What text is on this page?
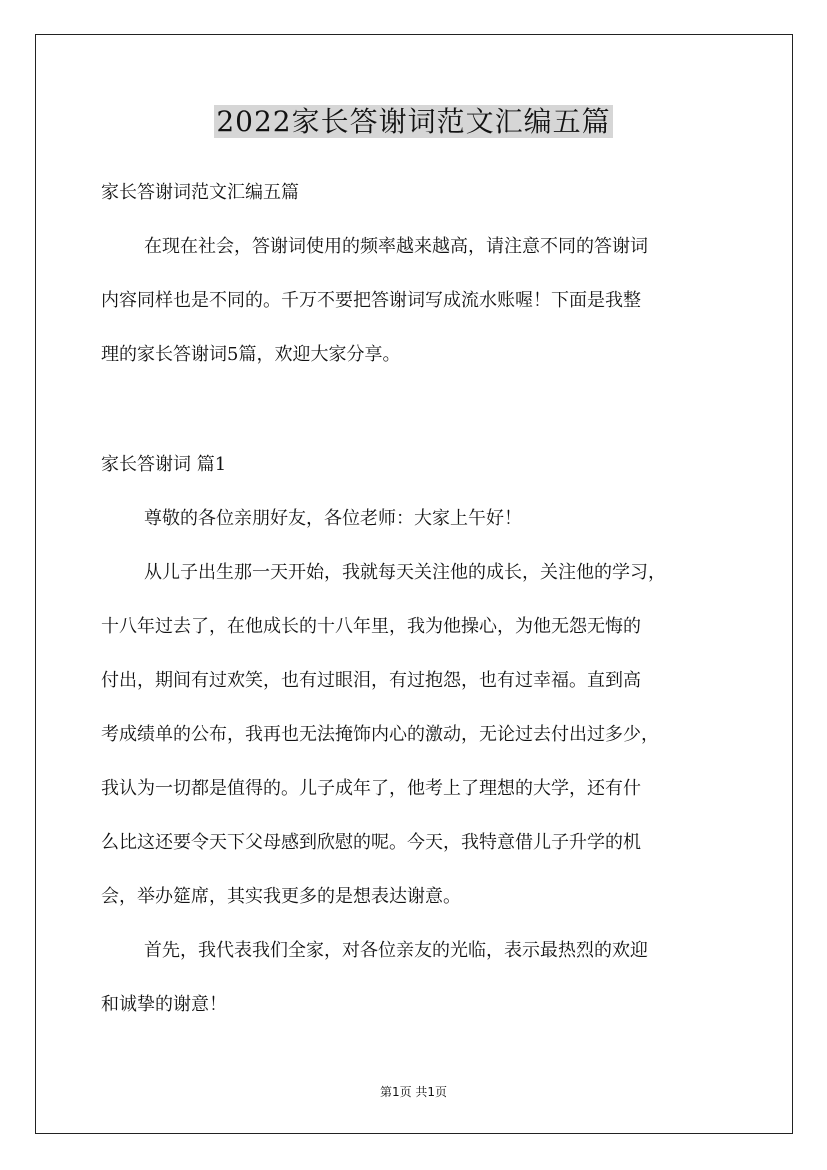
2022家长答谢词范文汇编五篇
家长答谢词范文汇编五篇
在现在社会，答谢词使用的频率越来越高，请注意不同的答谢词
内容同样也是不同的。千万不要把答谢词写成流水账喔！下面是我整
理的家长答谢词5篇，欢迎大家分享。
家长答谢词 篇1
尊敬的各位亲朋好友，各位老师：大家上午好！
从儿子出生那一天开始，我就每天关注他的成长，关注他的学习，
十八年过去了，在他成长的十八年里，我为他操心，为他无怨无悔的
付出，期间有过欢笑，也有过眼泪，有过抱怨，也有过幸福。直到高
考成绩单的公布，我再也无法掩饰内心的激动，无论过去付出过多少，
我认为一切都是值得的。儿子成年了，他考上了理想的大学，还有什
么比这还要令天下父母感到欣慰的呢。今天，我特意借儿子升学的机
会，举办筵席，其实我更多的是想表达谢意。
首先，我代表我们全家，对各位亲友的光临，表示最热烈的欢迎
和诚挚的谢意！
第1页 共1页
